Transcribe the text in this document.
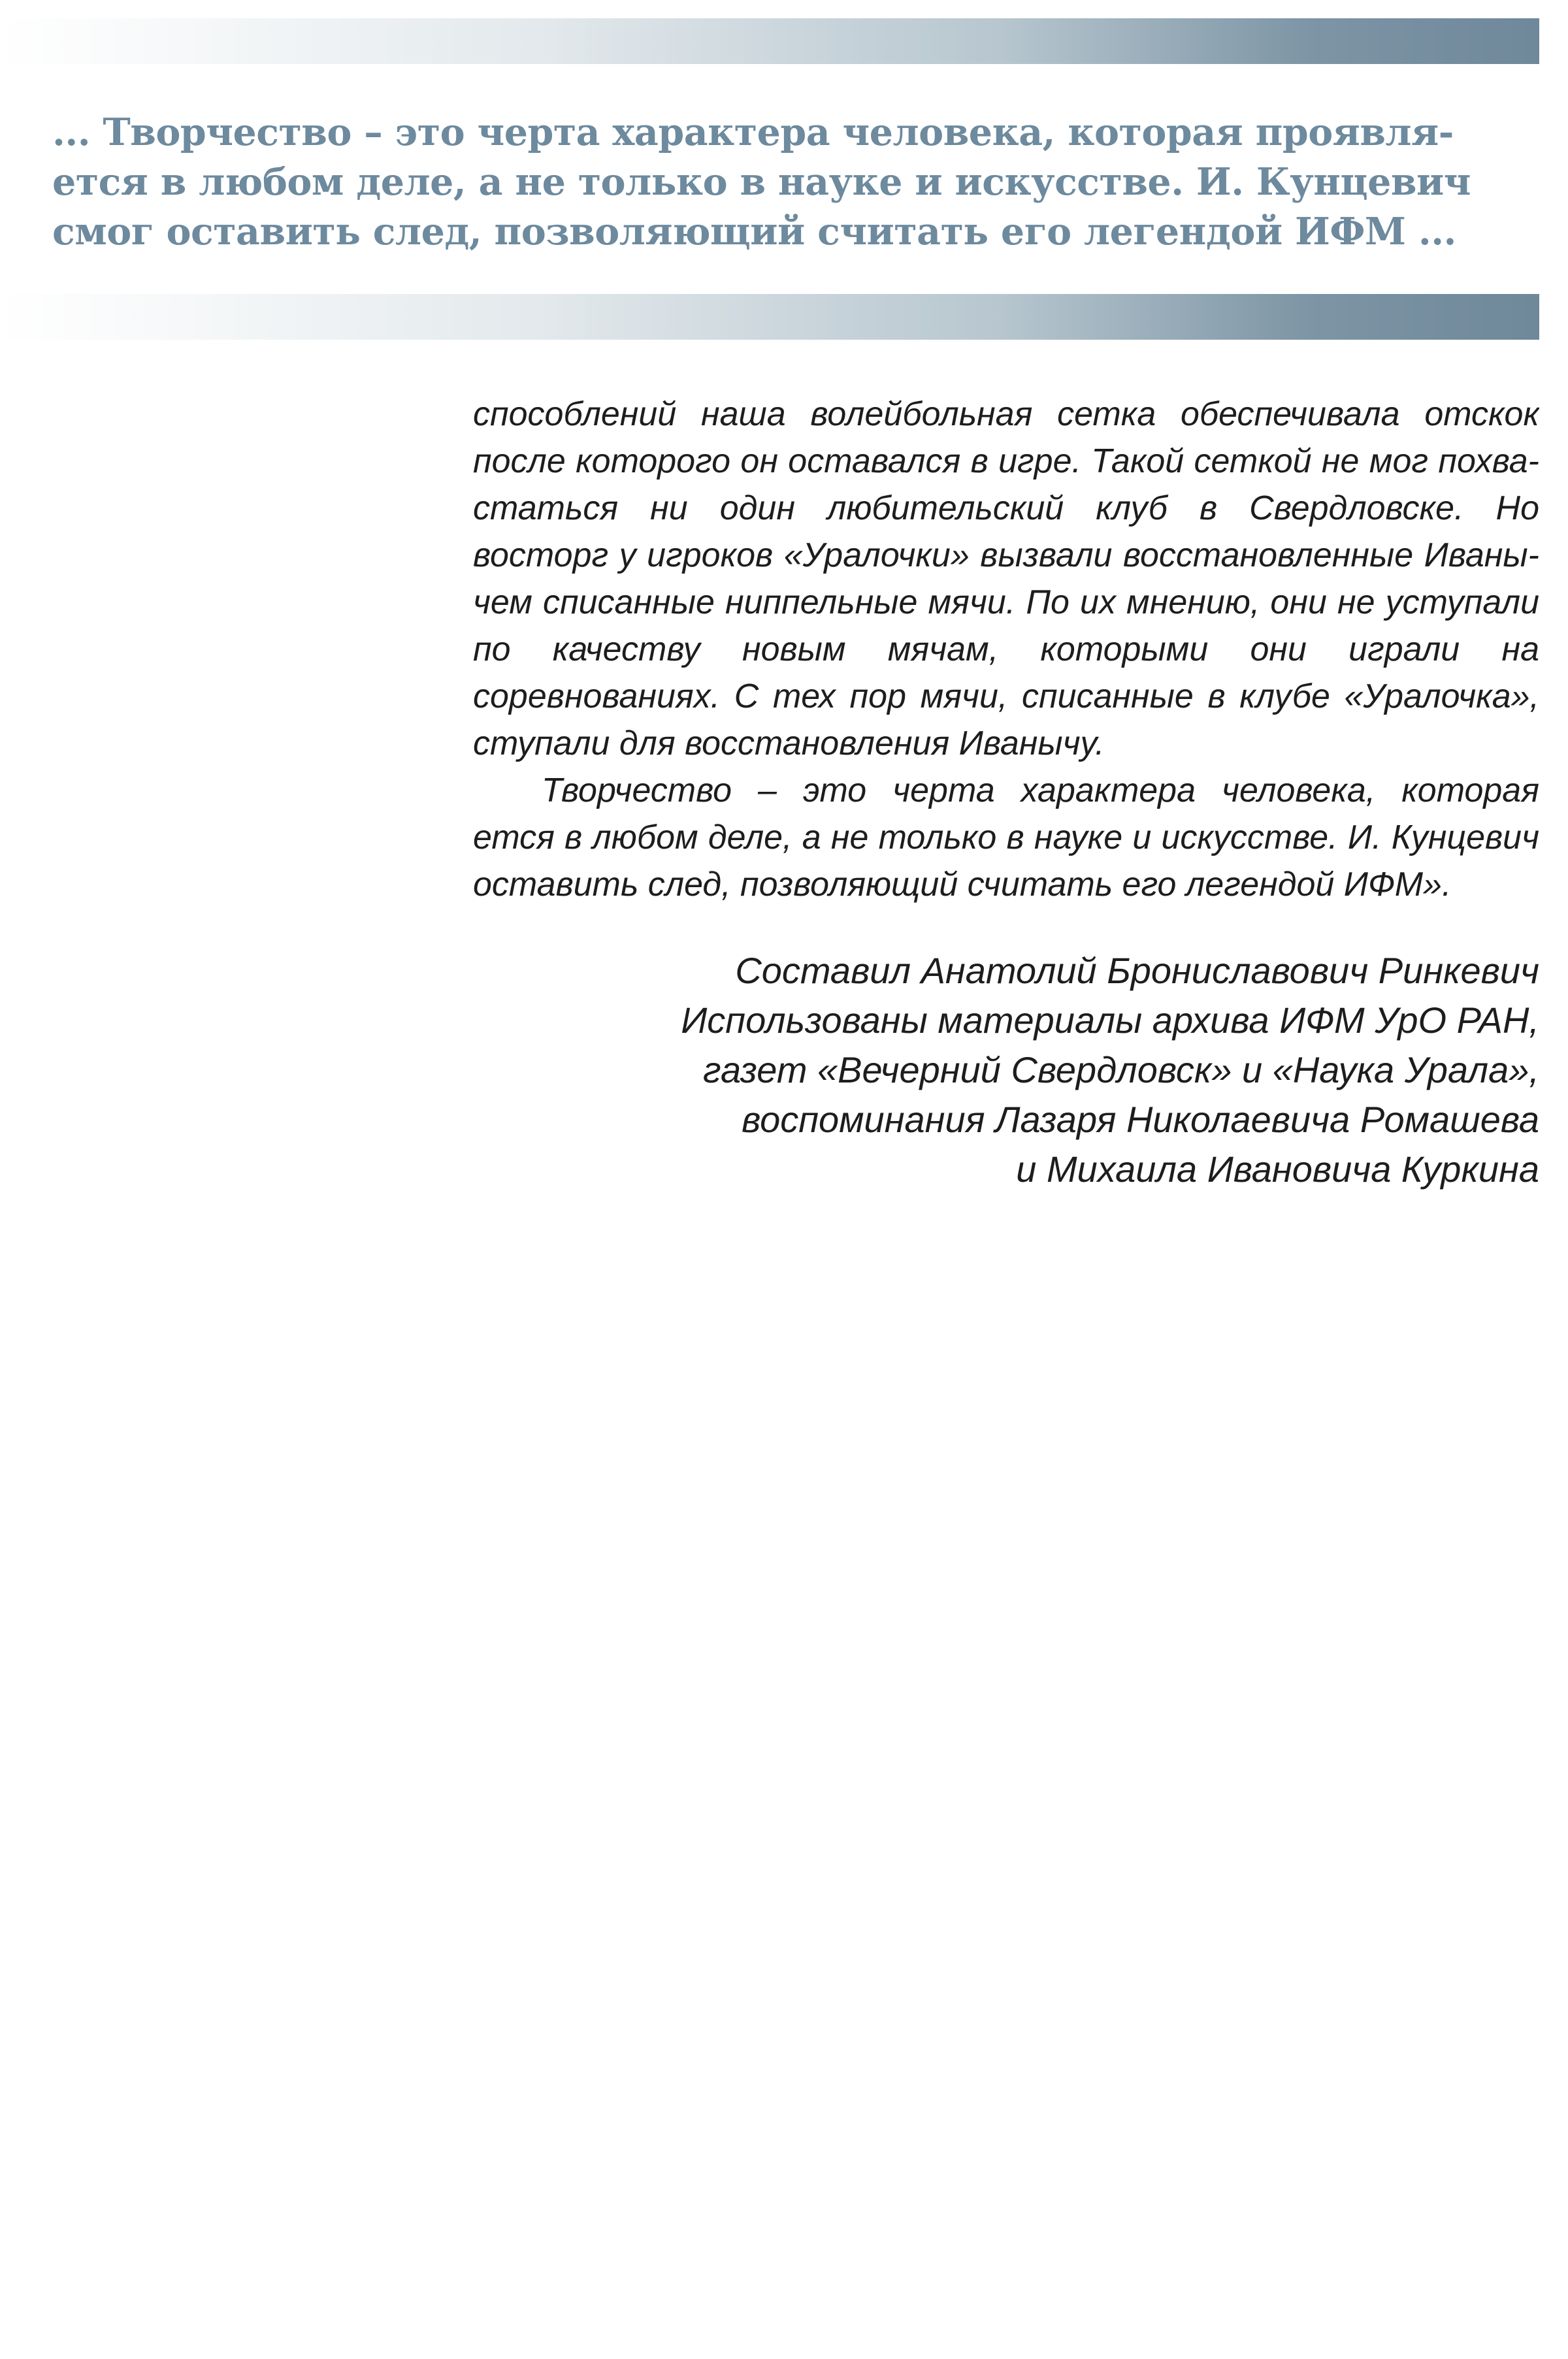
... Творчество – это черта характера человека, которая проявля-
ется в любом деле, а не только в науке и искусстве. И. Кунцевич
смог оставить след, позволяющий считать его легендой ИФМ ...
способлений наша волейбольная сетка обеспечивала отскок
после которого он оставался в игре. Такой сеткой не мог похва-
статься ни один любительский клуб в Свердловске. Но
восторг у игроков «Уралочки» вызвали восстановленные Иваны-
чем списанные ниппельные мячи. По их мнению, они не уступали
по качеству новым мячам, которыми они играли на
соревнованиях. С тех пор мячи, списанные в клубе «Уралочка»,
ступали для восстановления Иванычу.
Творчество – это черта характера человека, которая
ется в любом деле, а не только в науке и искусстве. И. Кунцевич
оставить след, позволяющий считать его легендой ИФМ».
Составил Анатолий Брониславович Ринкевич
Использованы материалы архива ИФМ УрО РАН,
газет «Вечерний Свердловск» и «Наука Урала»,
воспоминания Лазаря Николаевича Ромашева
и Михаила Ивановича Куркина
